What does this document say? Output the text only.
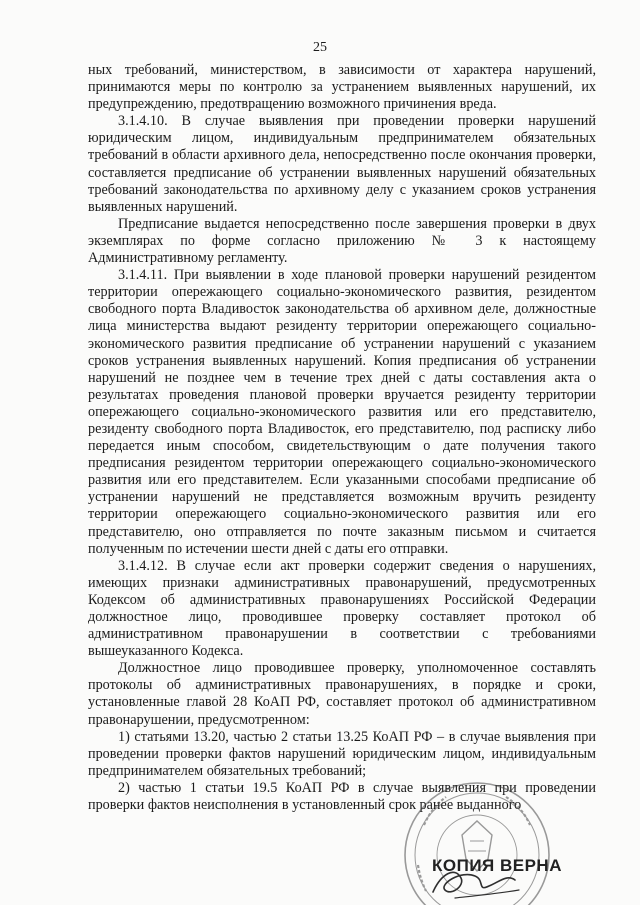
25

ных требований, министерством, в зависимости от характера нарушений, принимаются меры по контролю за устранением выявленных нарушений, их предупреждению, предотвращению возможного причинения вреда.

3.1.4.10. В случае выявления при проведении проверки нарушений юридическим лицом, индивидуальным предпринимателем обязательных требований в области архивного дела, непосредственно после окончания проверки, составляется предписание об устранении выявленных нарушений обязательных требований законодательства по архивному делу с указанием сроков устранения выявленных нарушений.

Предписание выдается непосредственно после завершения проверки в двух экземплярах по форме согласно приложению № 3 к настоящему Административному регламенту.

3.1.4.11. При выявлении в ходе плановой проверки нарушений резидентом территории опережающего социально-экономического развития, резидентом свободного порта Владивосток законодательства об архивном деле, должностные лица министерства выдают резиденту территории опережающего социально-экономического развития предписание об устранении нарушений с указанием сроков устранения выявленных нарушений. Копия предписания об устранении нарушений не позднее чем в течение трех дней с даты составления акта о результатах проведения плановой проверки вручается резиденту территории опережающего социально-экономического развития или его представителю, резиденту свободного порта Владивосток, его представителю, под расписку либо передается иным способом, свидетельствующим о дате получения такого предписания резидентом территории опережающего социально-экономического развития или его представителем. Если указанными способами предписание об устранении нарушений не представляется возможным вручить резиденту территории опережающего социально-экономического развития или его представителю, оно отправляется по почте заказным письмом и считается полученным по истечении шести дней с даты его отправки.

3.1.4.12. В случае если акт проверки содержит сведения о нарушениях, имеющих признаки административных правонарушений, предусмотренных Кодексом об административных правонарушениях Российской Федерации должностное лицо, проводившее проверку составляет протокол об административном правонарушении в соответствии с требованиями вышеуказанного Кодекса.

Должностное лицо проводившее проверку, уполномоченное составлять протоколы об административных правонарушениях, в порядке и сроки, установленные главой 28 КоАП РФ, составляет протокол об административном правонарушении, предусмотренном:

1) статьями 13.20, частью 2 статьи 13.25 КоАП РФ – в случае выявления при проведении проверки фактов нарушений юридическим лицом, индивидуальным предпринимателем обязательных требований;

2) частью 1 статьи 19.5 КоАП РФ в случае выявления при проведении проверки фактов неисполнения в установленный срок ранее выданного

КОПИЯ ВЕРНА
